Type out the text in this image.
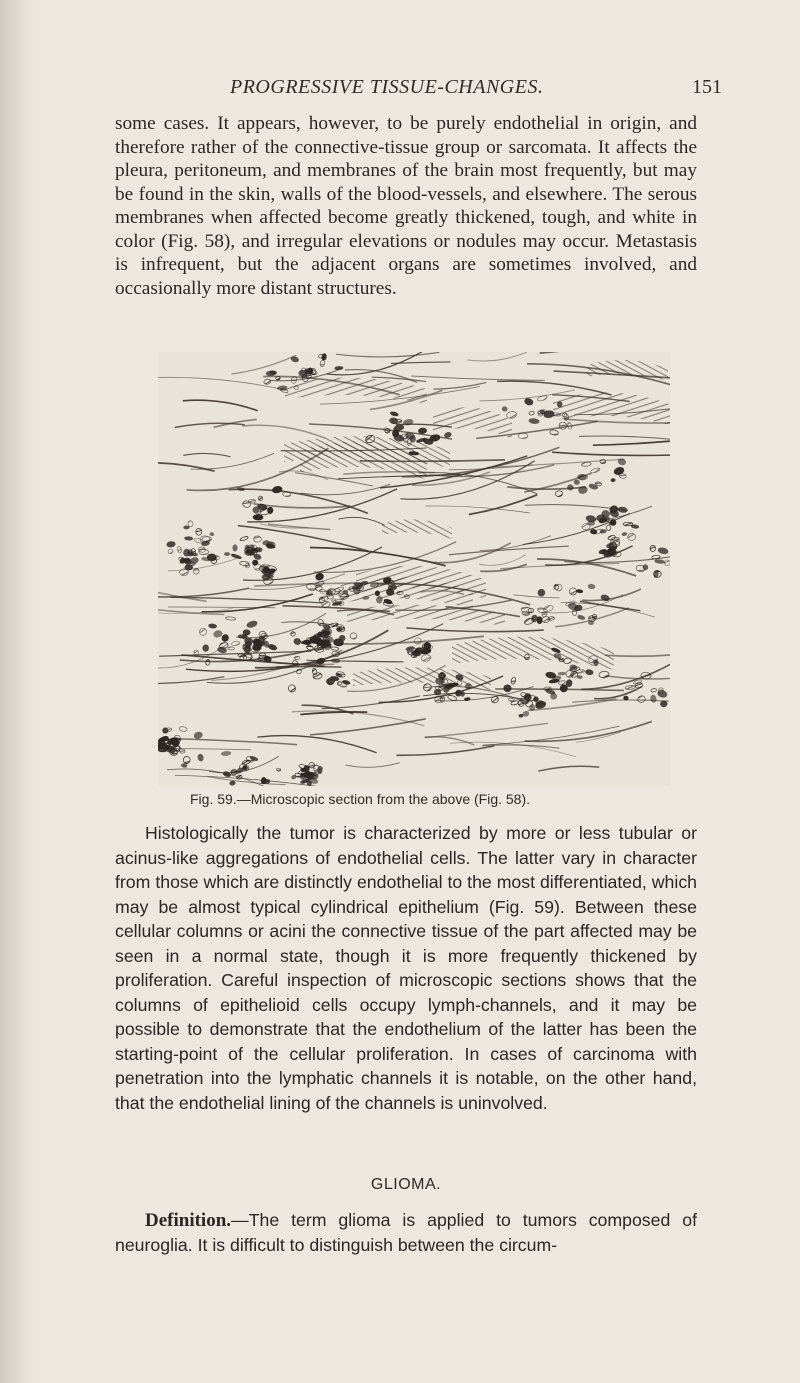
PROGRESSIVE TISSUE-CHANGES.	151

some cases. It appears, however, to be purely endothelial in origin, and therefore rather of the connective-tissue group or sarcomata. It affects the pleura, peritoneum, and membranes of the brain most frequently, but may be found in the skin, walls of the blood-vessels, and elsewhere. The serous membranes when affected become greatly thickened, tough, and white in color (Fig. 58), and irregular elevations or nodules may occur. Metastasis is infrequent, but the adjacent organs are sometimes involved, and occasionally more distant structures.

Fig. 59.—Microscopic section from the above (Fig. 58).

Histologically the tumor is characterized by more or less tubular or acinus-like aggregations of endothelial cells. The latter vary in character from those which are distinctly endothelial to the most differentiated, which may be almost typical cylindrical epithelium (Fig. 59). Between these cellular columns or acini the connective tissue of the part affected may be seen in a normal state, though it is more frequently thickened by proliferation. Careful inspection of microscopic sections shows that the columns of epithelioid cells occupy lymph-channels, and it may be possible to demonstrate that the endothelium of the latter has been the starting-point of the cellular proliferation. In cases of carcinoma with penetration into the lymphatic channels it is notable, on the other hand, that the endothelial lining of the channels is uninvolved.

GLIOMA.

Definition.—The term glioma is applied to tumors composed of neuroglia. It is difficult to distinguish between the circum-
